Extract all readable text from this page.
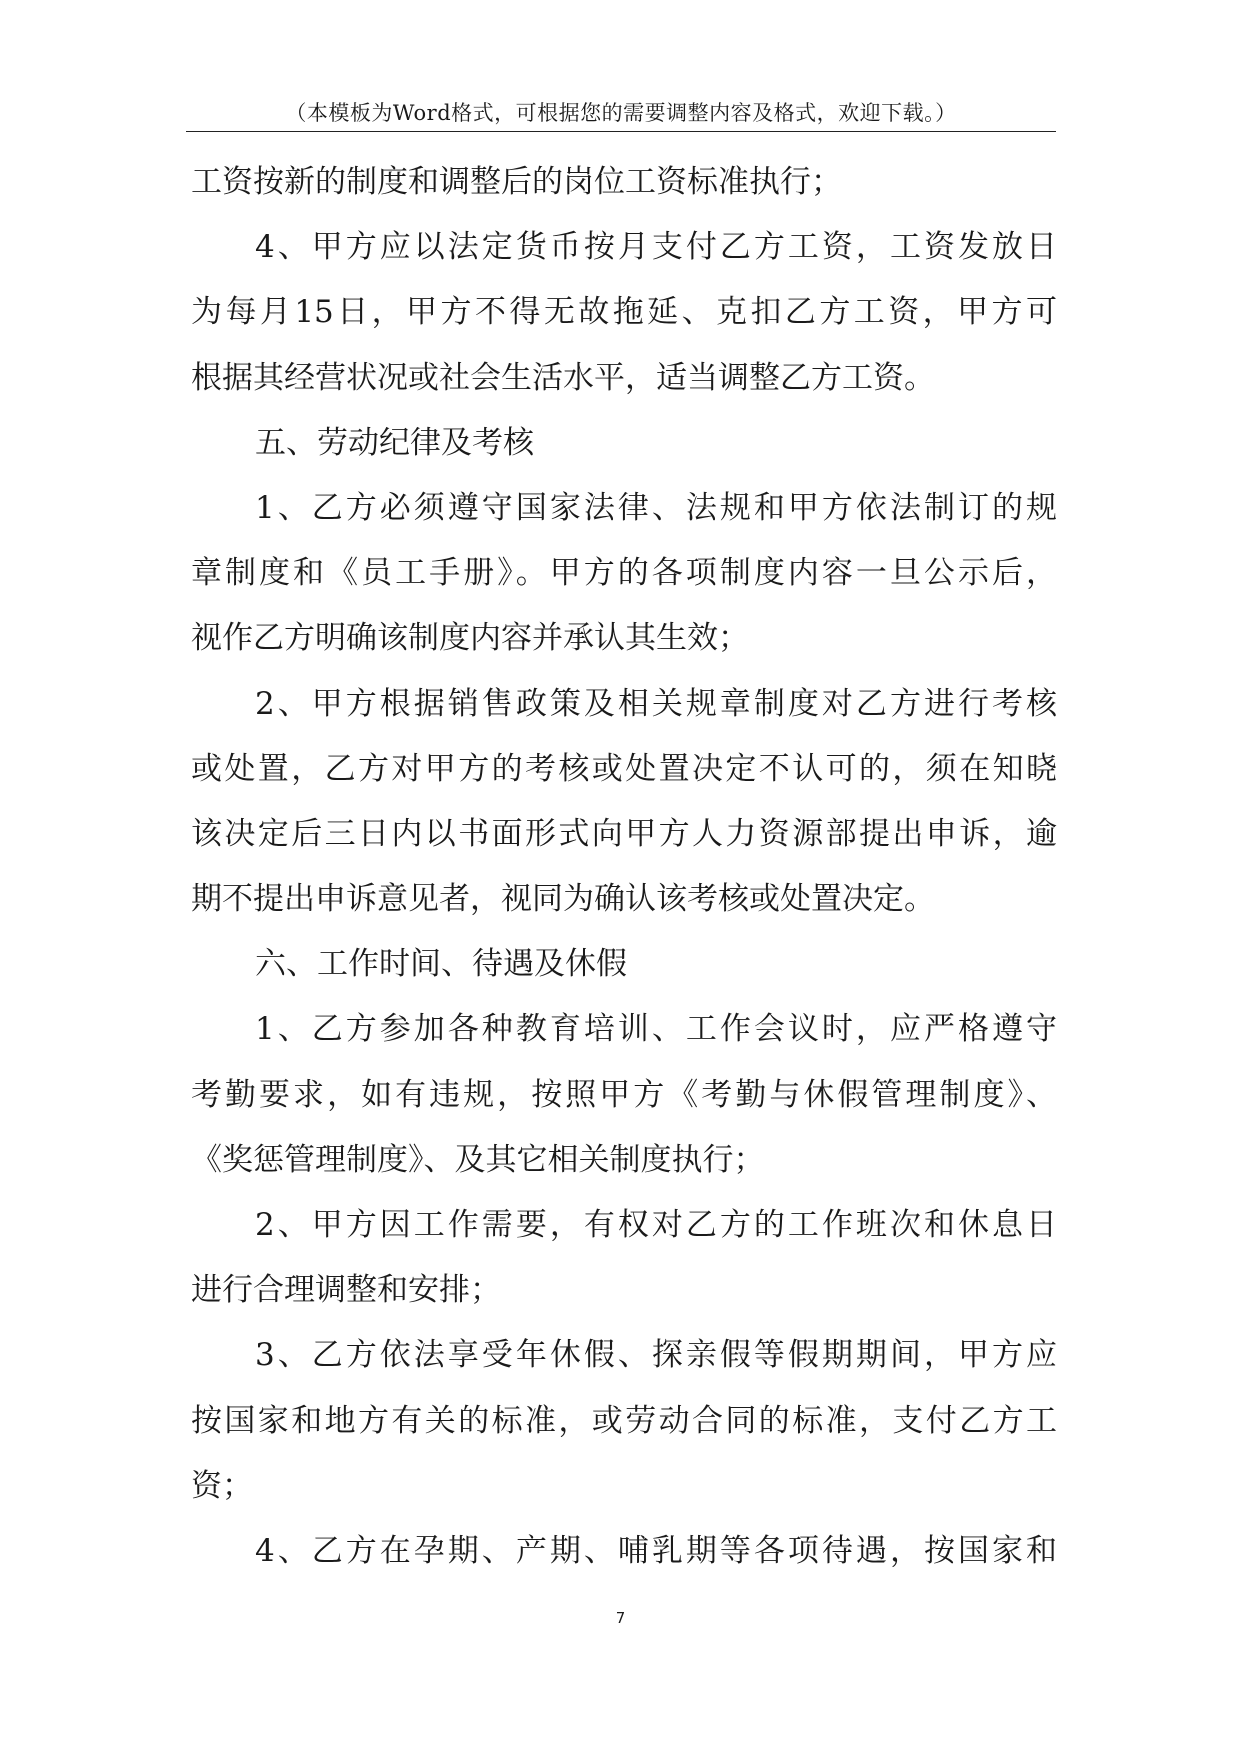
（本模板为Word格式，可根据您的需要调整内容及格式，欢迎下载。）
工资按新的制度和调整后的岗位工资标准执行；
4、甲方应以法定货币按月支付乙方工资，工资发放日
为每月15日，甲方不得无故拖延、克扣乙方工资，甲方可
根据其经营状况或社会生活水平，适当调整乙方工资。
五、劳动纪律及考核
1、乙方必须遵守国家法律、法规和甲方依法制订的规
章制度和《员工手册》。甲方的各项制度内容一旦公示后，
视作乙方明确该制度内容并承认其生效；
2、甲方根据销售政策及相关规章制度对乙方进行考核
或处置，乙方对甲方的考核或处置决定不认可的，须在知晓
该决定后三日内以书面形式向甲方人力资源部提出申诉，逾
期不提出申诉意见者，视同为确认该考核或处置决定。
六、工作时间、待遇及休假
1、乙方参加各种教育培训、工作会议时，应严格遵守
考勤要求，如有违规，按照甲方《考勤与休假管理制度》、
《奖惩管理制度》、及其它相关制度执行；
2、甲方因工作需要，有权对乙方的工作班次和休息日
进行合理调整和安排；
3、乙方依法享受年休假、探亲假等假期期间，甲方应
按国家和地方有关的标准，或劳动合同的标准，支付乙方工
资；
4、乙方在孕期、产期、哺乳期等各项待遇，按国家和
7
